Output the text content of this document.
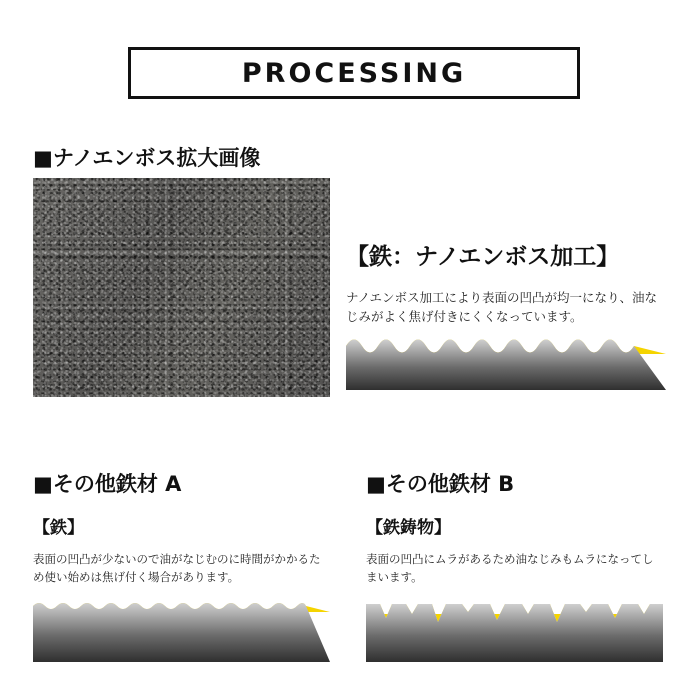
PROCESSING
■ナノエンボス拡大画像
【鉄：ナノエンボス加工】
ナノエンボス加工により表面の凹凸が均一になり、油なじみがよく焦げ付きにくくなっています。
■その他鉄材 A
【鉄】
表面の凹凸が少ないので油がなじむのに時間がかかるため使い始めは焦げ付く場合があります。
■その他鉄材 B
【鉄鋳物】
表面の凹凸にムラがあるため油なじみもムラになってしまいます。
